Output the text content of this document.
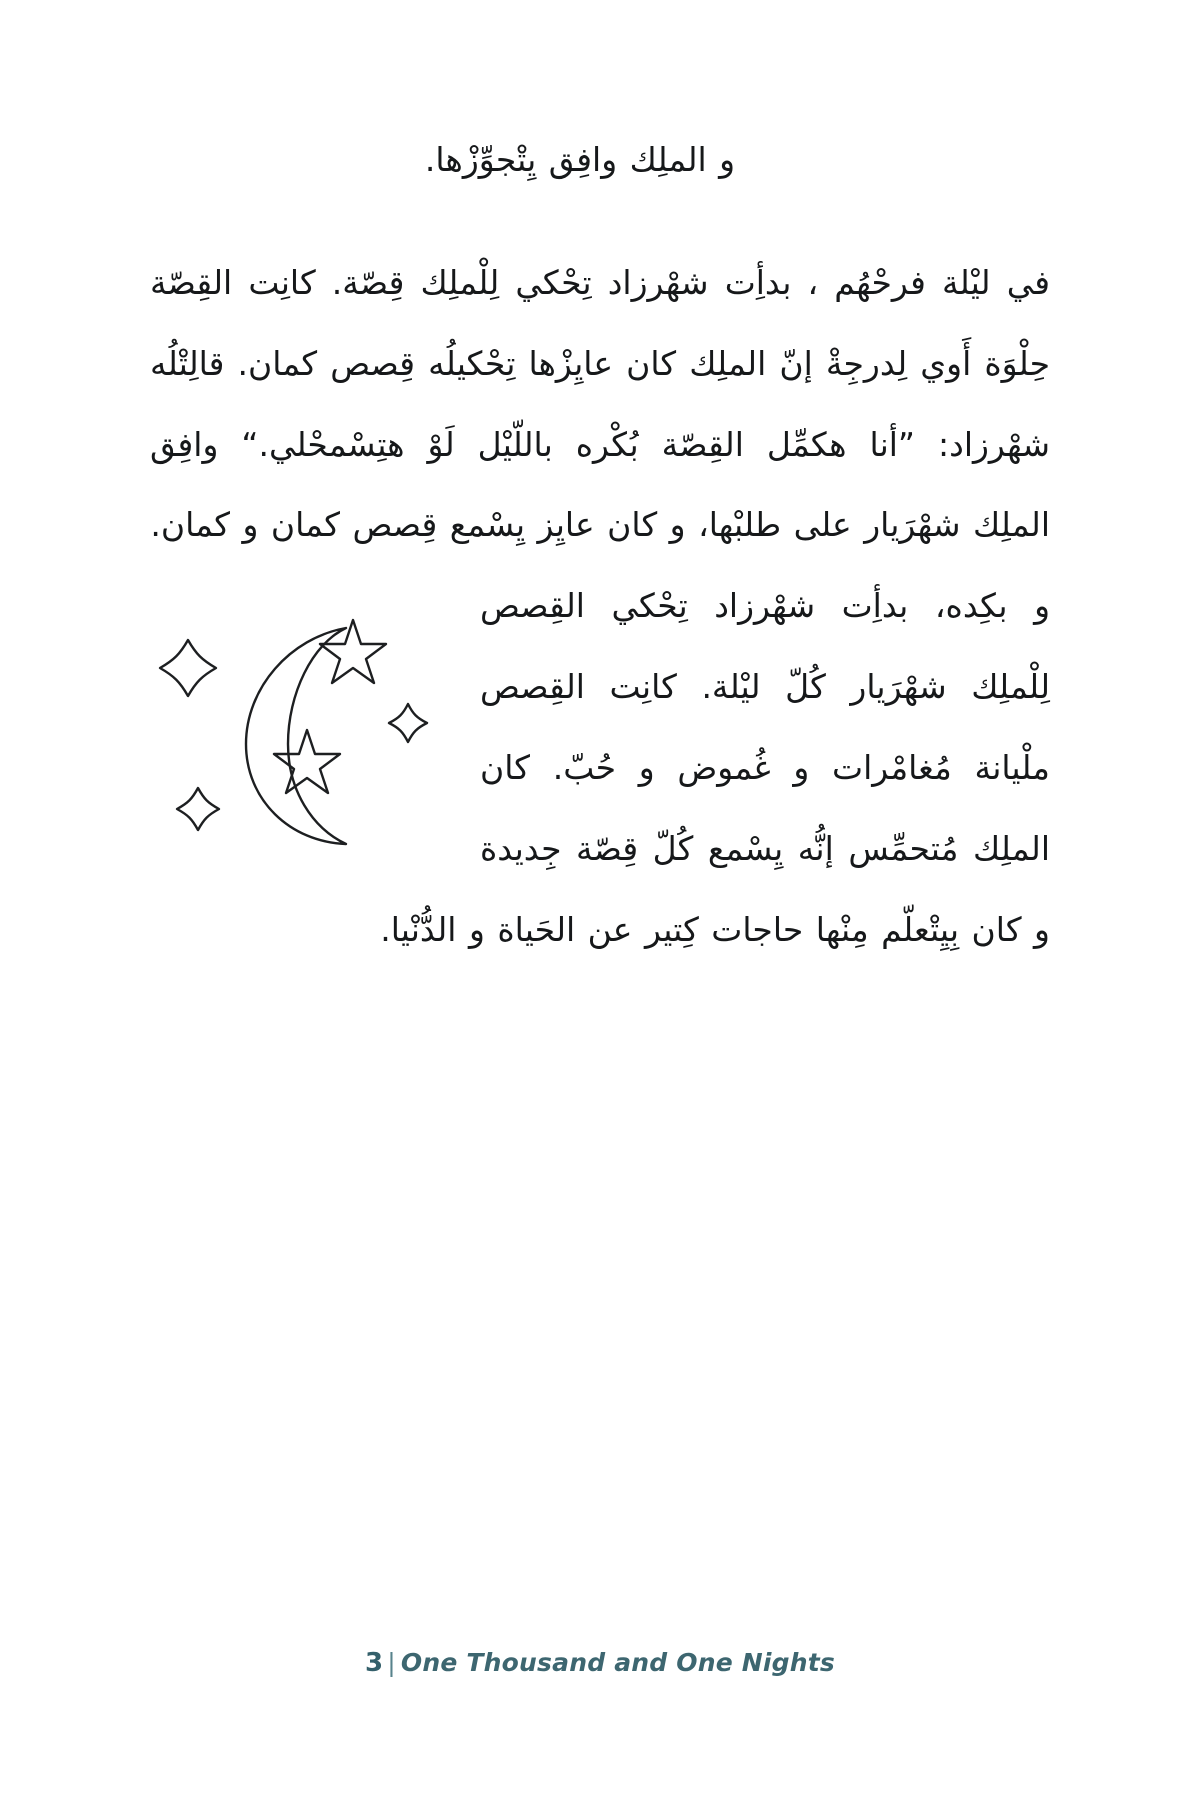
و الملِك وافِق يِتْجوِّزْها.

في ليْلة فرحْهُم ، بدأِت شهْرزاد تِحْكي لِلْملِك قِصّة. كانِت القِصّة حِلْوَة أَوي لِدرجِةْ إنّ الملِك كان عايِزْها تِحْكيلُه قِصص كمان. قالِتْلُه شهْرزاد: ”أنا هكمِّل القِصّة بُكْره باللّيْل لَوْ هتِسْمحْلي.“ وافِق الملِك شهْرَيار على طلبْها، و كان عايِز يِسْمع قِصص كمان و كمان.

و بكِده، بدأِت شهْرزاد تِحْكي القِصص لِلْملِك شهْرَيار كُلّ ليْلة. كانِت القِصص ملْيانة مُغامْرات و غُموض و حُبّ. كان الملِك مُتحمِّس إنُّه يِسْمع كُلّ قِصّة جِديدة و كان بِيِتْعلّم مِنْها حاجات كِتير عن الحَياة و الدُّنْيا.

3 | One Thousand and One Nights
